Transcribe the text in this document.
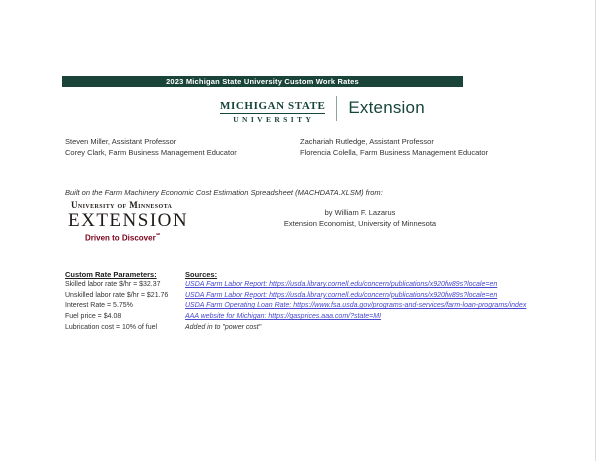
2023 Michigan State University Custom Work Rates
MICHIGAN STATE
UNIVERSITY
Extension
Steven Miller, Assistant Professor
Corey Clark, Farm Business Management Educator
Zachariah Rutledge, Assistant Professor
Florencia Colella, Farm Business Management Educator
Built on the Farm Machinery Economic Cost Estimation Spreadsheet (MACHDATA.XLSM) from:
University of Minnesota
EXTENSION
Driven to Discover℠
by William F. Lazarus
Extension Economist, University of Minnesota
Custom Rate Parameters:
Skilled labor rate $/hr = $32.37
Unskilled labor rate $/hr = $21.76
Interest Rate = 5.75%
Fuel price = $4.08
Lubrication cost = 10% of fuel
Sources:
USDA Farm Labor Report: https://usda.library.cornell.edu/concern/publications/x920fw89s?locale=en
USDA Farm Labor Report: https://usda.library.cornell.edu/concern/publications/x920fw89s?locale=en
USDA Farm Operating Loan Rate: https://www.fsa.usda.gov/programs-and-services/farm-loan-programs/index
AAA website for Michigan: https://gasprices.aaa.com/?state=MI
Added in to "power cost"
